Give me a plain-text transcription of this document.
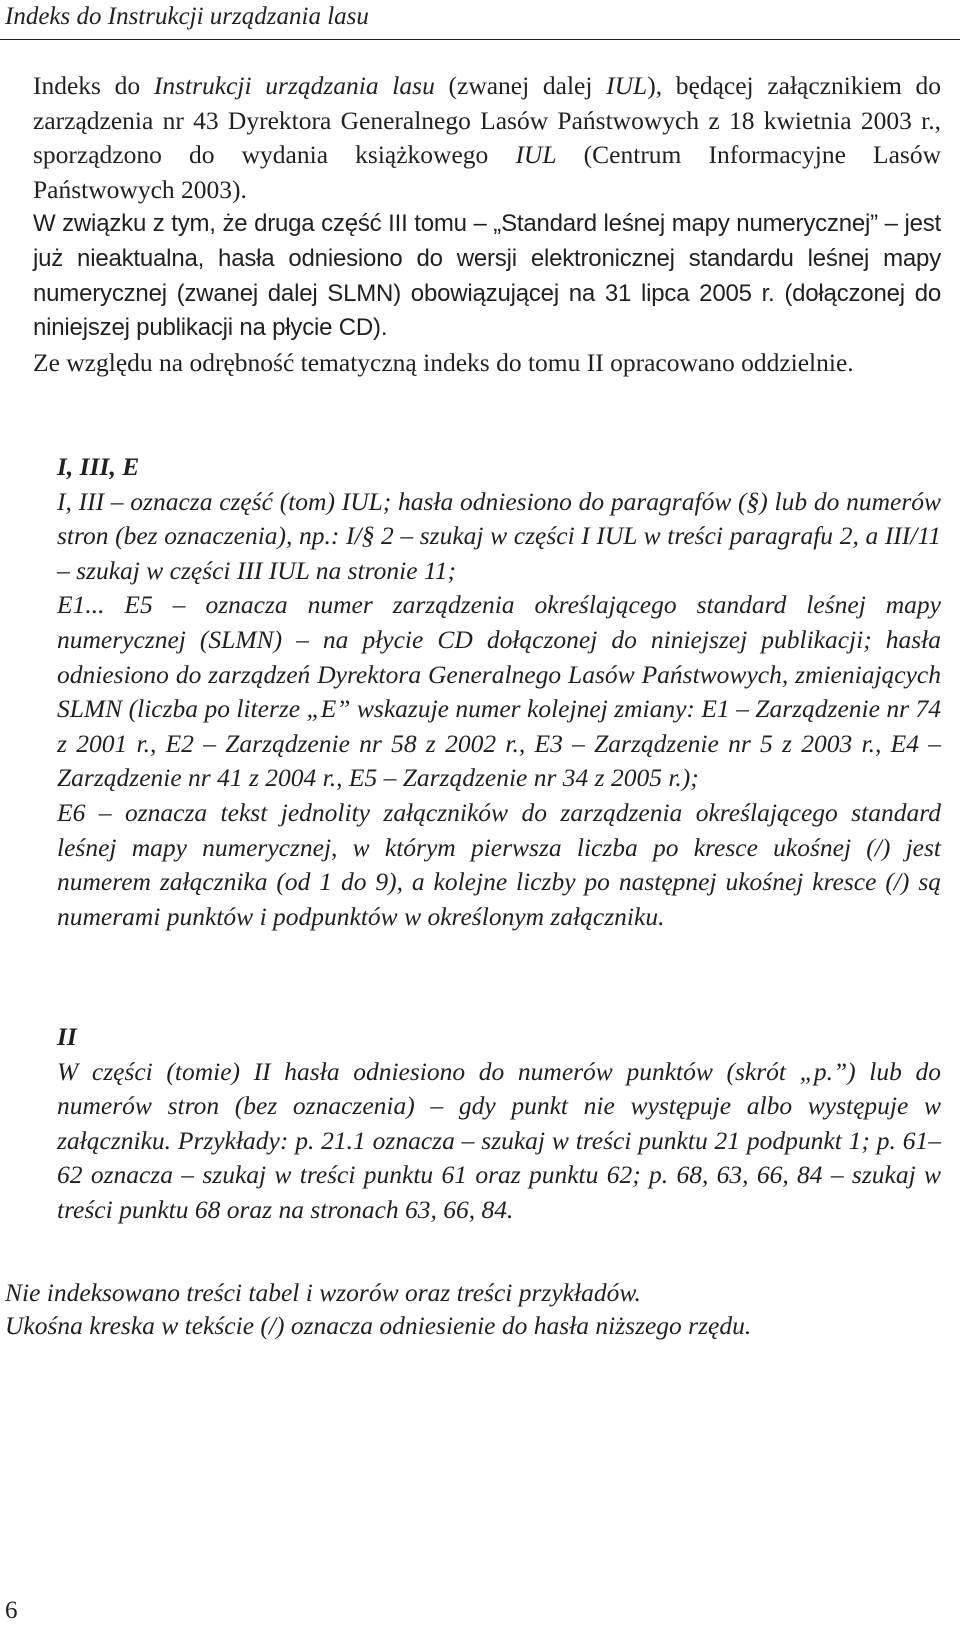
Indeks do Instrukcji urządzania lasu

Indeks do Instrukcji urządzania lasu (zwanej dalej IUL), będącej załącznikiem do zarządzenia nr 43 Dyrektora Generalnego Lasów Państwowych z 18 kwietnia 2003 r., sporządzono do wydania książkowego IUL (Centrum Informacyjne Lasów Państwowych 2003).

W związku z tym, że druga część III tomu – „Standard leśnej mapy numerycznej” – jest już nieaktualna, hasła odniesiono do wersji elektronicznej standardu leśnej mapy numerycznej (zwanej dalej SLMN) obowiązującej na 31 lipca 2005 r. (dołączonej do niniejszej publikacji na płycie CD).

Ze względu na odrębność tematyczną indeks do tomu II opracowano oddzielnie.

I, III, E

I, III – oznacza część (tom) IUL; hasła odniesiono do paragrafów (§) lub do numerów stron (bez oznaczenia), np.: I/§ 2 – szukaj w części I IUL w treści paragrafu 2, a III/11 – szukaj w części III IUL na stronie 11;

E1... E5 – oznacza numer zarządzenia określającego standard leśnej mapy numerycznej (SLMN) – na płycie CD dołączonej do niniejszej publikacji; hasła odniesiono do zarządzeń Dyrektora Generalnego Lasów Państwowych, zmieniających SLMN (liczba po literze „E” wskazuje numer kolejnej zmiany: E1 – Zarządzenie nr 74 z 2001 r., E2 – Zarządzenie nr 58 z 2002 r., E3 – Zarządzenie nr 5 z 2003 r., E4 – Zarządzenie nr 41 z 2004 r., E5 – Zarządzenie nr 34 z 2005 r.);

E6 – oznacza tekst jednolity załączników do zarządzenia określającego standard leśnej mapy numerycznej, w którym pierwsza liczba po kresce ukośnej (/) jest numerem załącznika (od 1 do 9), a kolejne liczby po następnej ukośnej kresce (/) są numerami punktów i podpunktów w określonym załączniku.

II

W części (tomie) II hasła odniesiono do numerów punktów (skrót „p.”) lub do numerów stron (bez oznaczenia) – gdy punkt nie występuje albo występuje w załączniku. Przykłady: p. 21.1 oznacza – szukaj w treści punktu 21 podpunkt 1; p. 61–62 oznacza – szukaj w treści punktu 61 oraz punktu 62; p. 68, 63, 66, 84 – szukaj w treści punktu 68 oraz na stronach 63, 66, 84.

Nie indeksowano treści tabel i wzorów oraz treści przykładów.

Ukośna kreska w tekście (/) oznacza odniesienie do hasła niższego rzędu.

6
